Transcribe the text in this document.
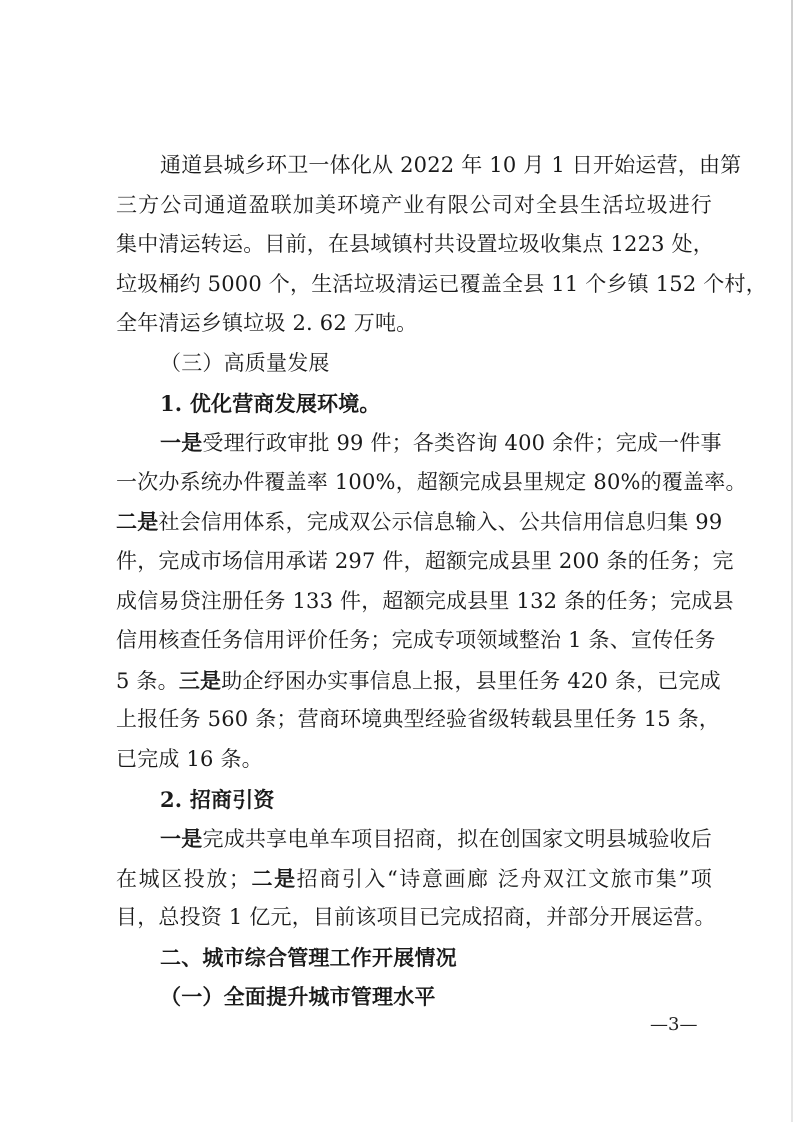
通道县城乡环卫一体化从 2022 年 10 月 1 日开始运营，由第
三方公司通道盈联加美环境产业有限公司对全县生活垃圾进行
集中清运转运。目前，在县域镇村共设置垃圾收集点 1223 处，
垃圾桶约 5000 个，生活垃圾清运已覆盖全县 11 个乡镇 152 个村，
全年清运乡镇垃圾 2. 62 万吨。
（三）高质量发展
1. 优化营商发展环境。
一是受理行政审批 99 件；各类咨询 400 余件；完成一件事
一次办系统办件覆盖率 100%，超额完成县里规定 80%的覆盖率。
二是社会信用体系，完成双公示信息输入、公共信用信息归集 99
件，完成市场信用承诺 297 件，超额完成县里 200 条的任务；完
成信易贷注册任务 133 件，超额完成县里 132 条的任务；完成县
信用核查任务信用评价任务；完成专项领域整治 1 条、宣传任务
5 条。三是助企纾困办实事信息上报，县里任务 420 条，已完成
上报任务 560 条；营商环境典型经验省级转载县里任务 15 条，
已完成 16 条。
2. 招商引资
一是完成共享电单车项目招商，拟在创国家文明县城验收后
在城区投放；二是招商引入“诗意画廊 泛舟双江文旅市集”项
目，总投资 1 亿元，目前该项目已完成招商，并部分开展运营。
二、城市综合管理工作开展情况
（一）全面提升城市管理水平
—3—
